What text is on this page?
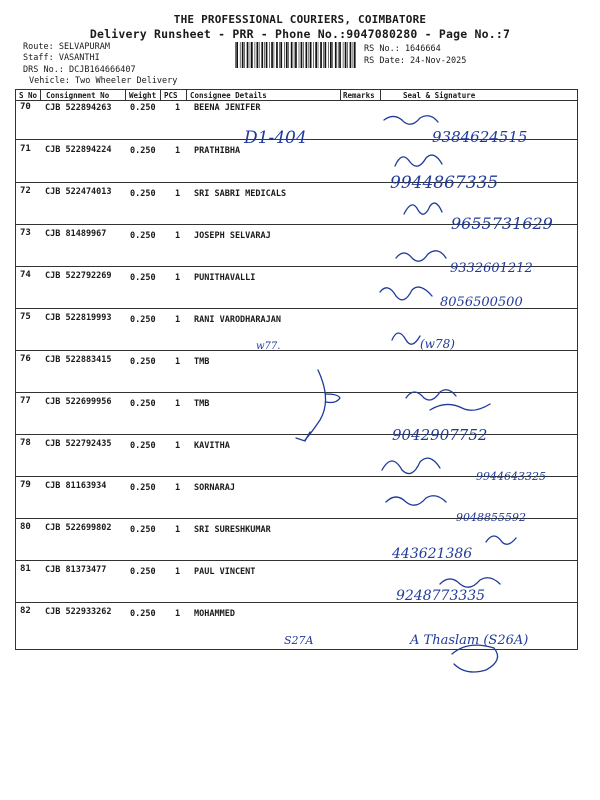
THE PROFESSIONAL COURIERS, COIMBATORE
Delivery Runsheet - PRR - Phone No.:9047080280 - Page No.:7
Route: SELVAPURAM
Staff: VASANTHI
DRS No.: DCJB164666407
Vehicle: Two Wheeler Delivery
RS No.: 1646664
RS Date: 24-Nov-2025
S No Consignment No	Weight PCS Consignee Details	Remarks	Seal & Signature
70 CJB 522894263 0.250 1 BEENA JENIFER
71 CJB 522894224 0.250 1 PRATHIBHA
72 CJB 522474013 0.250 1 SRI SABRI MEDICALS
73 CJB 81489967	0.250 1 JOSEPH SELVARAJ
74 CJB 522792269 0.250 1 PUNITHAVALLI
75 CJB 522819993 0.250 1 RANI VARODHARAJAN
76 CJB 522883415 0.250 1 TMB
77 CJB 522699956 0.250 1 TMB
78 CJB 522792435 0.250 1 KAVITHA
79 CJB 81163934	0.250 1 SORNARAJ
80 CJB 522699802 0.250 1 SRI SURESHKUMAR
81 CJB 81373477	0.250 1 PAUL VINCENT
82 CJB 522933262 0.250 1 MOHAMMED
D1-404
w77.
S27A
9384624515
9944867335
9655731629
9332601212
8056500500
(w78)
9042907752
9944643325
9048855592
443621386
9248773335
A Thaslam (S26A)
